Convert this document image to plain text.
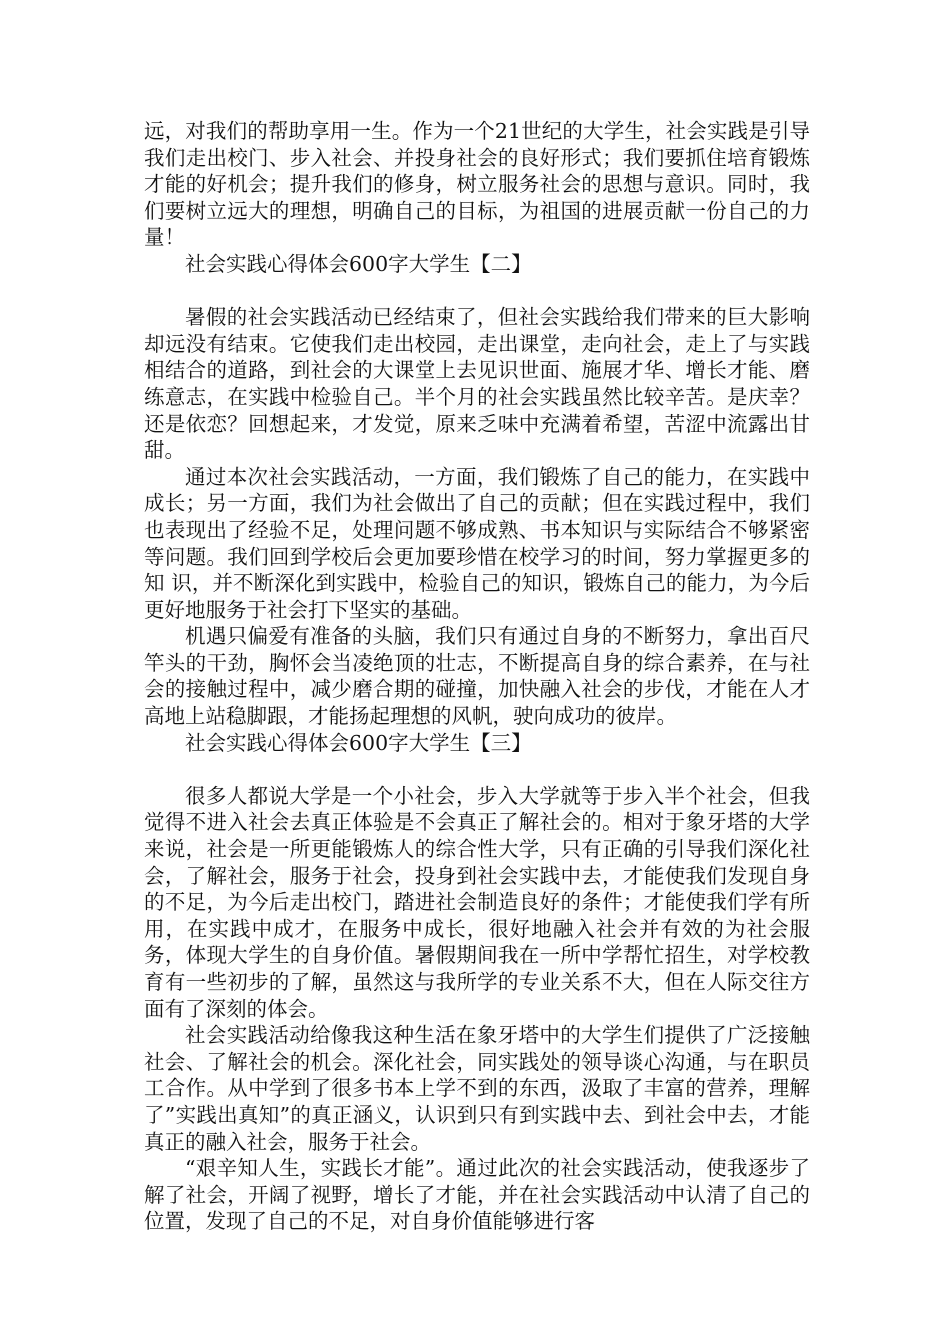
远，对我们的帮助享用一生。作为一个21世纪的大学生，社会实践是引导我们走出校门、步入社会、并投身社会的良好形式；我们要抓住培育锻炼才能的好机会；提升我们的修身，树立服务社会的思想与意识。同时，我们要树立远大的理想，明确自己的目标，为祖国的进展贡献一份自己的力量！

社会实践心得体会600字大学生【二】

暑假的社会实践活动已经结束了，但社会实践给我们带来的巨大影响却远没有结束。它使我们走出校园，走出课堂，走向社会，走上了与实践相结合的道路，到社会的大课堂上去见识世面、施展才华、增长才能、磨练意志，在实践中检验自己。半个月的社会实践虽然比较辛苦。是庆幸？还是依恋？回想起来，才发觉，原来乏味中充满着希望，苦涩中流露出甘甜。

通过本次社会实践活动，一方面，我们锻炼了自己的能力，在实践中成长；另一方面，我们为社会做出了自己的贡献；但在实践过程中，我们也表现出了经验不足，处理问题不够成熟、书本知识与实际结合不够紧密等问题。我们回到学校后会更加要珍惜在校学习的时间，努力掌握更多的知 识，并不断深化到实践中，检验自己的知识，锻炼自己的能力，为今后更好地服务于社会打下坚实的基础。

机遇只偏爱有准备的头脑，我们只有通过自身的不断努力，拿出百尺竿头的干劲，胸怀会当凌绝顶的壮志，不断提高自身的综合素养，在与社会的接触过程中，减少磨合期的碰撞，加快融入社会的步伐，才能在人才高地上站稳脚跟，才能扬起理想的风帆，驶向成功的彼岸。

社会实践心得体会600字大学生【三】

很多人都说大学是一个小社会，步入大学就等于步入半个社会，但我觉得不进入社会去真正体验是不会真正了解社会的。相对于象牙塔的大学来说，社会是一所更能锻炼人的综合性大学，只有正确的引导我们深化社会，了解社会，服务于社会，投身到社会实践中去，才能使我们发现自身的不足，为今后走出校门，踏进社会制造良好的条件；才能使我们学有所用，在实践中成才，在服务中成长，很好地融入社会并有效的为社会服务，体现大学生的自身价值。暑假期间我在一所中学帮忙招生，对学校教育有一些初步的了解，虽然这与我所学的专业关系不大，但在人际交往方面有了深刻的体会。

社会实践活动给像我这种生活在象牙塔中的大学生们提供了广泛接触社会、了解社会的机会。深化社会，同实践处的领导谈心沟通，与在职员工合作。从中学到了很多书本上学不到的东西，汲取了丰富的营养，理解了”实践出真知”的真正涵义，认识到只有到实践中去、到社会中去，才能真正的融入社会，服务于社会。

“艰辛知人生，实践长才能”。通过此次的社会实践活动，使我逐步了解了社会，开阔了视野，增长了才能，并在社会实践活动中认清了自己的位置，发现了自己的不足，对自身价值能够进行客
